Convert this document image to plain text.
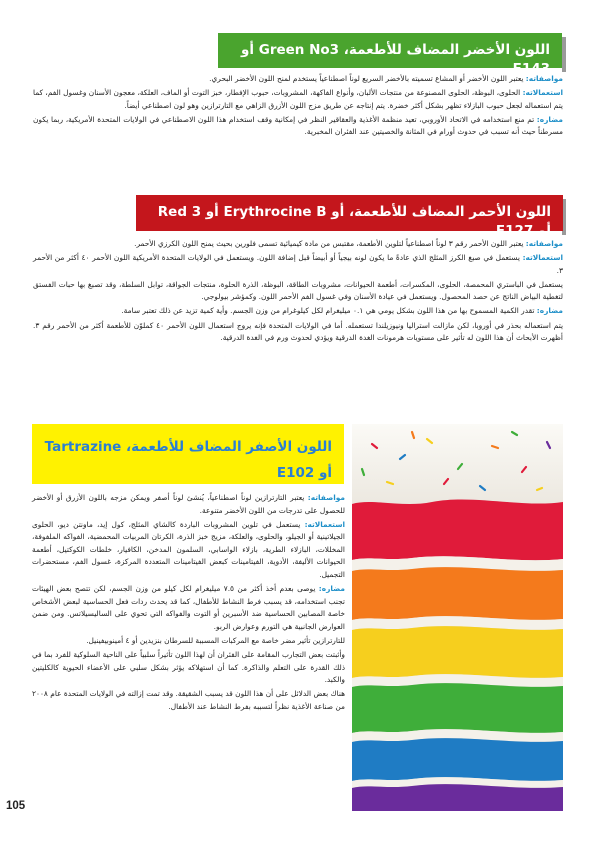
اللون الأخضر المضاف للأطعمة، Green No3 أو E143

مواصفاته: يعتبر اللون الأخضر أو المشاع تسميته بالأخضر السريع لوناً اصطناعياً يستخدم لمنح اللون الأخضر البحري.

استعمالاته: الحلوى، البوظة، الحلوى المصنوعة من منتجات الألبان، وأنواع الفاكهة، المشروبات، حبوب الإفطار، خبز التوت أو الماف، العلكة، معجون الأسنان وغسول الفم، كما يتم استعماله لجعل حبوب البازلاء تظهر بشكل أكثر خضرة. يتم إنتاجه عن طريق مزج اللون الأزرق الزاهي مع التارترازين وهو لون اصطناعي أيضاً.

مضاره: تم منع استخدامه في الاتحاد الأوروبي، تعيد منظمة الأغذية والعقاقير النظر في إمكانية وقف استخدام هذا اللون الاصطناعي في الولايات المتحدة الأمريكية، ربما يكون مسرطناً حيث أنه تسبب في حدوث أورام في المثانة والخصيتين عند الفئران المخبرية.

اللون الأحمر المضاف للأطعمة، أو Erythrocine B أو Red 3 أو E127

مواصفاته: يعتبر اللون الأحمر رقم ٣ لوناً اصطناعياً لتلوين الأطعمة، مقتبس من مادة كيميائية تسمى فلورين بحيث يمنح اللون الكرزي الأحمر.

استعمالاته: يستعمل في صبغ الكرز المثلج الذي عادةً ما يكون لونه بيجياً أو أبيضاً قبل إضافة اللون. ويستعمل في الولايات المتحدة الأمريكية اللون الأحمر ٤٠ أكثر من الأحمر ٣.

يستعمل في الباستري المحمصة، الحلوى، المكسرات، أطعمة الحيوانات، مشروبات الطاقة، البوظة، الذرة الحلوة، منتجات الجواقة، توابل السلطة، وقد تصبغ بها حبات الفستق لتغطية البياض الناتج عن حصد المحصول. ويستعمل في عيادة الأسنان وفي غسول الفم الأحمر اللون. وكمؤشر بيولوجي.

مضاره: تقدر الكمية المسموح بها من هذا اللون بشكل يومي هي ٠.١ ميليغرام لكل كيلوغرام من وزن الجسم. وأية كمية تزيد عن ذلك تعتبر سامة.

يتم استعماله بحذر في أوروبا، لكن مازالت استراليا ونيوزيلندا تستعمله. أما في الولايات المتحدة فإنه يروج استعمال اللون الأحمر ٤٠ كملوّن للأطعمة أكثر من الأحمر رقم ٣. أظهرت الأبحاث أن هذا اللون له تأثير على مستويات هرمونات الغدة الدرقية ويؤدي لحدوث ورم في الغدة الدرقية.

اللون الأصفر المضاف للأطعمة، Tartrazine أو E102

مواصفاته: يعتبر التارترازين لوناً اصطناعياً، يُنشئ لوناً أصفر ويمكن مزجه باللون الأزرق أو الأخضر للحصول على تدرجات من اللون الأخضر متنوعة.

استعمالاته: يستعمل في تلوين المشروبات الباردة كالشاي المثلج، كول إيد، ماونتن ديو، الحلوى الجيلاتينية أو الجيلو، والحلوى، والعلكة، مزيج خبز الذرة، الكرتان المربيات المحمضية، الفواكه الملفوفة، المخللات، البازلاء الطرية، بازلاء الواسابي، السلمون المدخن، الكافيار، خلطات الكوكتيل، أطعمة الحيوانات الأليفة، الأدوية، الفيتامينات كبعض الفيتامينات المتعددة المركزة، غسول الفم، مستحضرات التجميل.

مضاره: يوصى بعدم أخذ أكثر من ٧.٥ ميليغرام لكل كيلو من وزن الجسم، لكن تتصح بعض الهيئات تجنب استخدامه، قد يسبب فرط النشاط للأطفال، كما قد يحدث ردات فعل الحساسية لبعض الأشخاص خاصة المصابين الحساسية ضد الأسبرين أو التوت والفواكه التي تحوي على الساليسيلاتس. ومن ضمن العوارض الجانبية هي التورم وعوارض الربو.

للتارترازين تأثير مضر خاصة مع المركبات المسببة للسرطان بنزيدين أو ٤ أمينوبيفينيل.

وأثبتت بعض التجارب المقامة على الفئران أن لهذا اللون تأثيراً سلبياً على الناحية السلوكية للفرد بما في ذلك القدرة على التعلم والذاكرة. كما أن استهلاكه يؤثر بشكل سلبي على الأعضاء الحيوية كالكليتين والكبد.

هناك بعض الدلائل على أن هذا اللون قد يسبب الشقيقة. وقد تمت إزالته في الولايات المتحدة عام ٢٠٠٨ من صناعة الأغذية نظراً لتسببه بفرط النشاط عند الأطفال.

105
